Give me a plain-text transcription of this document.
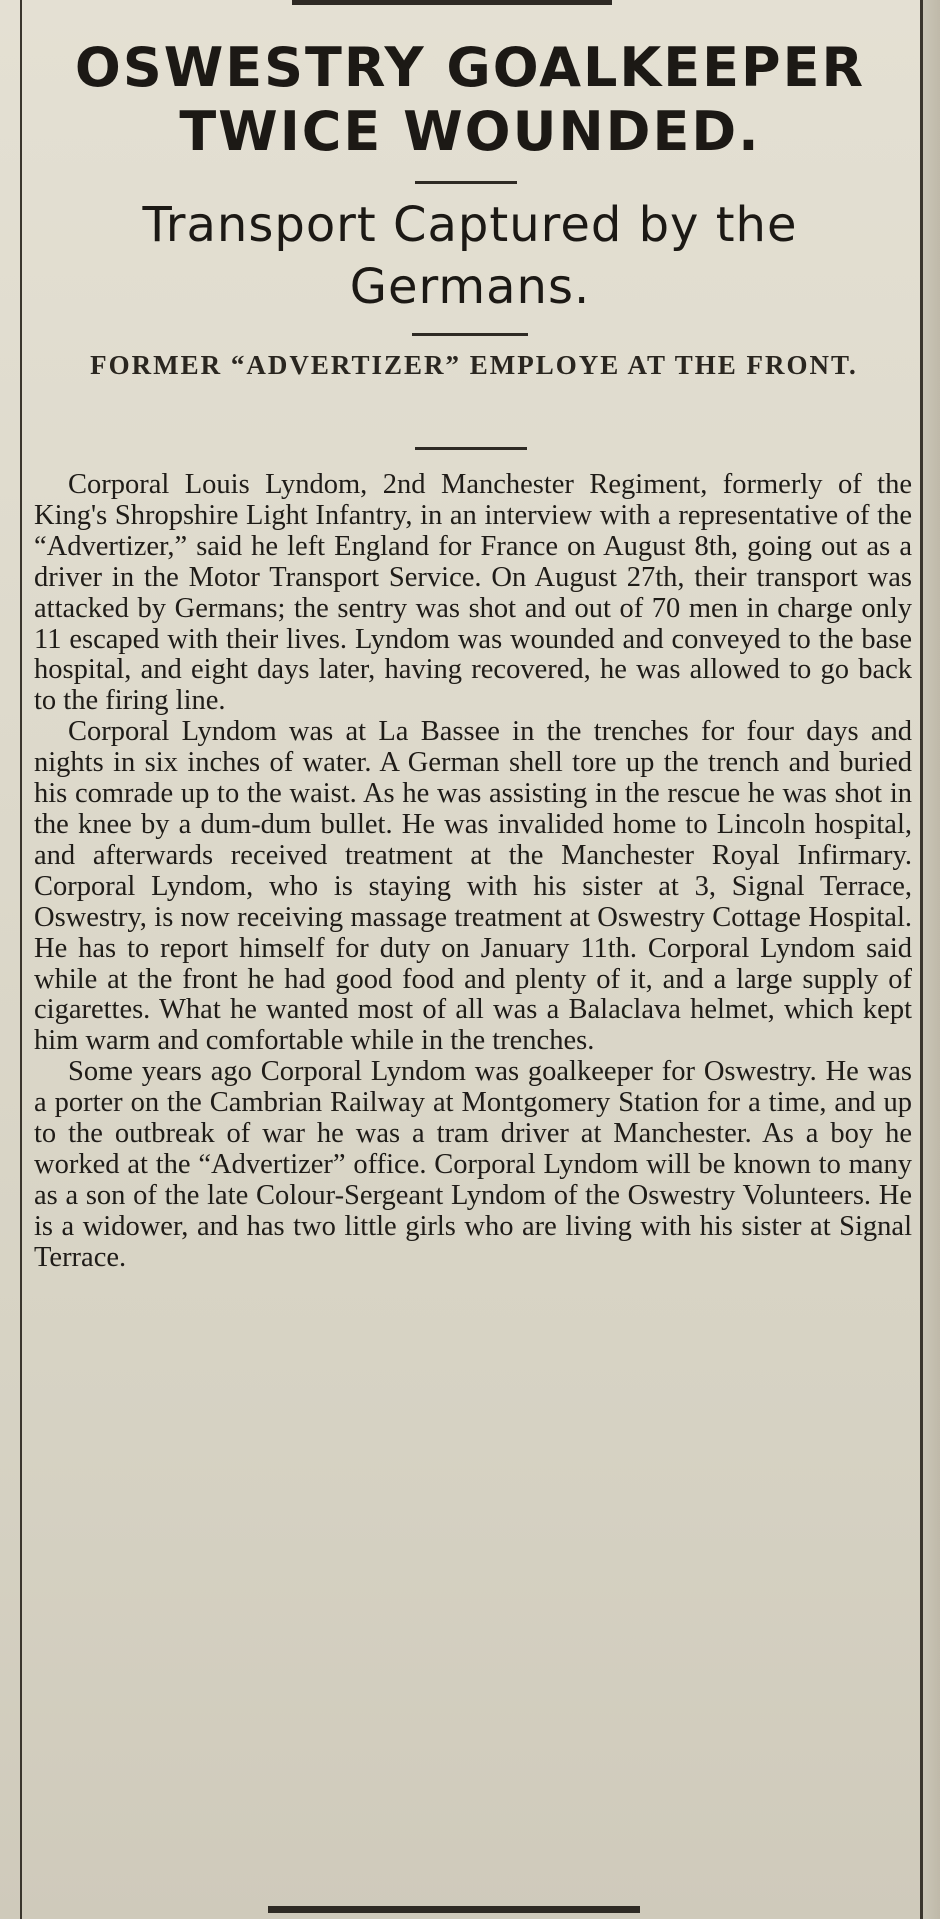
OSWESTRY GOALKEEPER TWICE WOUNDED.
Transport Captured by the Germans.
FORMER “ADVERTIZER” EMPLOYE AT THE FRONT.

Corporal Louis Lyndom, 2nd Manchester Regiment, formerly of the King's Shropshire Light Infantry, in an interview with a representative of the “Advertizer,” said he left England for France on August 8th, going out as a driver in the Motor Transport Service. On August 27th, their transport was attacked by Germans; the sentry was shot and out of 70 men in charge only 11 escaped with their lives. Lyndom was wounded and conveyed to the base hospital, and eight days later, having recovered, he was allowed to go back to the firing line.

Corporal Lyndom was at La Bassee in the trenches for four days and nights in six inches of water. A German shell tore up the trench and buried his comrade up to the waist. As he was assisting in the rescue he was shot in the knee by a dum-dum bullet. He was invalided home to Lincoln hospital, and afterwards received treatment at the Manchester Royal Infirmary. Corporal Lyndom, who is staying with his sister at 3, Signal Terrace, Oswestry, is now receiving massage treatment at Oswestry Cottage Hospital. He has to report himself for duty on January 11th. Corporal Lyndom said while at the front he had good food and plenty of it, and a large supply of cigarettes. What he wanted most of all was a Balaclava helmet, which kept him warm and comfortable while in the trenches.

Some years ago Corporal Lyndom was goalkeeper for Oswestry. He was a porter on the Cambrian Railway at Montgomery Station for a time, and up to the outbreak of war he was a tram driver at Manchester. As a boy he worked at the “Advertizer” office. Corporal Lyndom will be known to many as a son of the late Colour-Sergeant Lyndom of the Oswestry Volunteers. He is a widower, and has two little girls who are living with his sister at Signal Terrace.
